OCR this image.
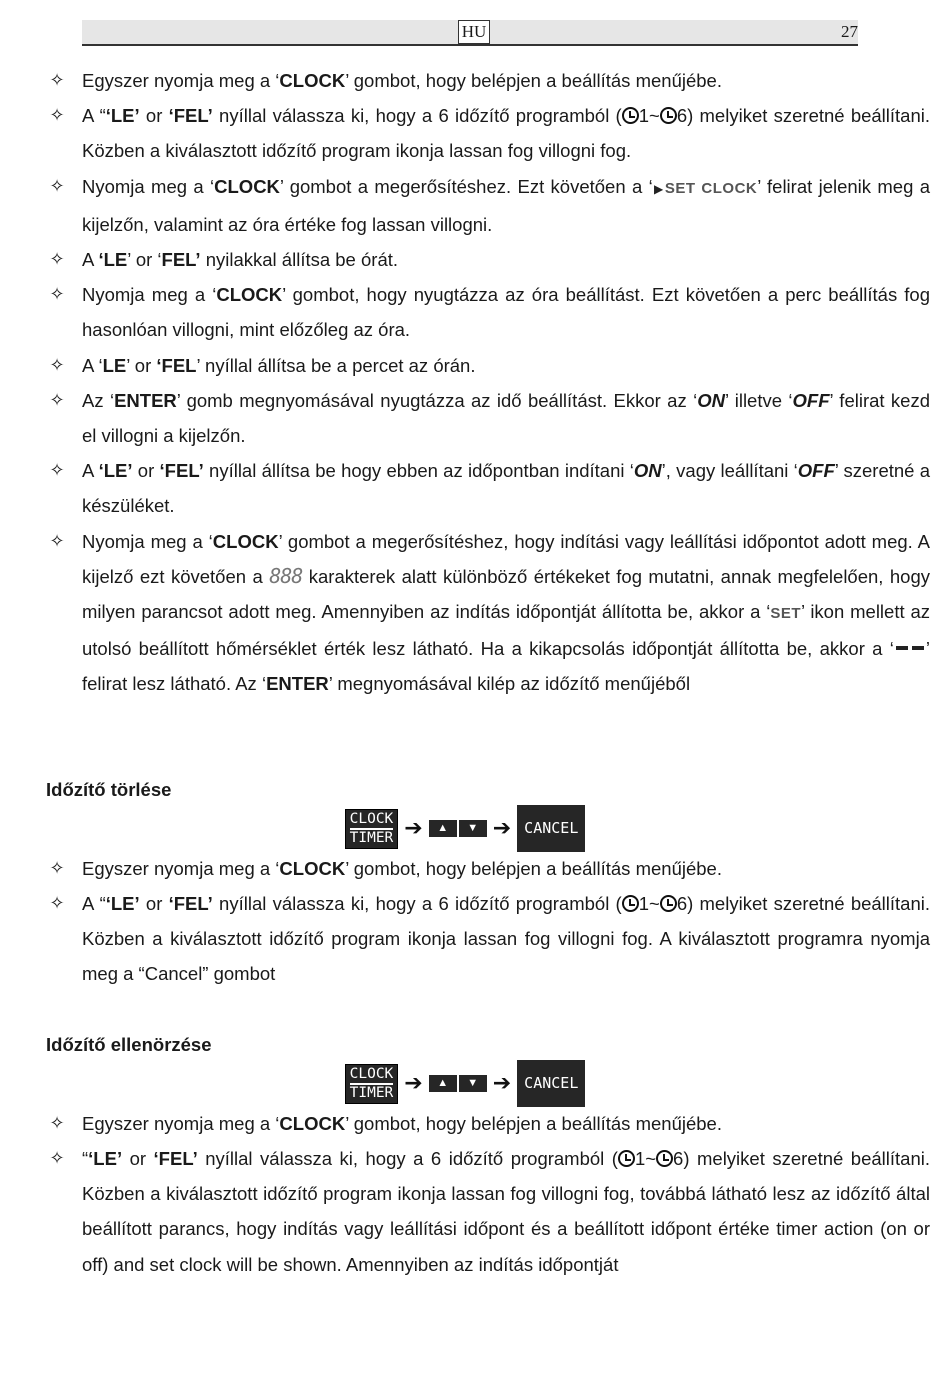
HU	27
✧ Egyszer nyomja meg a ‘CLOCK’ gombot, hogy belépjen a beállítás menűjébe.
✧ A “‘LE’ or ‘FEL’ nyíllal válassza ki, hogy a 6 időzítő programból ( 1~ 6) melyiket szeretné beállítani. Közben a kiválasztott időzítő program ikonja lassan fog villogni fog.
✧ Nyomja meg a ‘CLOCK’ gombot a megerősítéshez. Ezt követően a ‘▶SET CLOCK’ felirat jelenik meg a kijelzőn, valamint az óra értéke fog lassan villogni.
✧ A ‘LE’ or ‘FEL’ nyilakkal állítsa be órát.
✧ Nyomja meg a ‘CLOCK’ gombot, hogy nyugtázza az óra beállítást. Ezt követően a perc beállítás fog hasonlóan villogni, mint előzőleg az óra.
✧ A ‘LE’ or ‘FEL’ nyíllal állítsa be a percet az órán.
✧ Az ‘ENTER’ gomb megnyomásával nyugtázza az idő beállítást. Ekkor az ‘ON’ illetve ‘OFF’ felirat kezd el villogni a kijelzőn.
✧ A ‘LE’ or ‘FEL’ nyíllal állítsa be hogy ebben az időpontban indítani ‘ON’, vagy leállítani ‘OFF’ szeretné a készüléket.
✧ Nyomja meg a ‘CLOCK’ gombot a megerősítéshez, hogy indítási vagy leállítási időpontot adott meg. A kijelző ezt követően a 888 karakterek alatt különböző értékeket fog mutatni, annak megfelelően, hogy milyen parancsot adott meg. Amennyiben az indítás időpontját állította be, akkor a ‘SET’ ikon mellett az utolsó beállított hőmérséklet érték lesz látható. Ha a kikapcsolás időpontját állította be, akkor a ‘ ’ felirat lesz látható. Az ‘ENTER’ megnyomásával kilép az időzítő menűjéből

Időzítő törlése

CLOCK
TIMER ➔	▲	▼ ➔ CANCEL
✧ Egyszer nyomja meg a ‘CLOCK’ gombot, hogy belépjen a beállítás menűjébe.
✧ A “‘LE’ or ‘FEL’ nyíllal válassza ki, hogy a 6 időzítő programból ( 1~ 6) melyiket szeretné beállítani. Közben a kiválasztott időzítő program ikonja lassan fog villogni fog. A kiválasztott programra nyomja meg a “Cancel” gombot

Időzítő ellenörzése

CLOCK
TIMER ➔	▲	▼ ➔ CANCEL
✧ Egyszer nyomja meg a ‘CLOCK’ gombot, hogy belépjen a beállítás menűjébe.
✧ “‘LE’ or ‘FEL’ nyíllal válassza ki, hogy a 6 időzítő programból ( 1~ 6) melyiket szeretné beállítani. Közben a kiválasztott időzítő program ikonja lassan fog villogni fog, továbbá látható lesz az időzítő által beállított parancs, hogy indítás vagy leállítási időpont és a beállított időpont értéke timer action (on or off) and set clock will be shown. Amennyiben az indítás időpontját
